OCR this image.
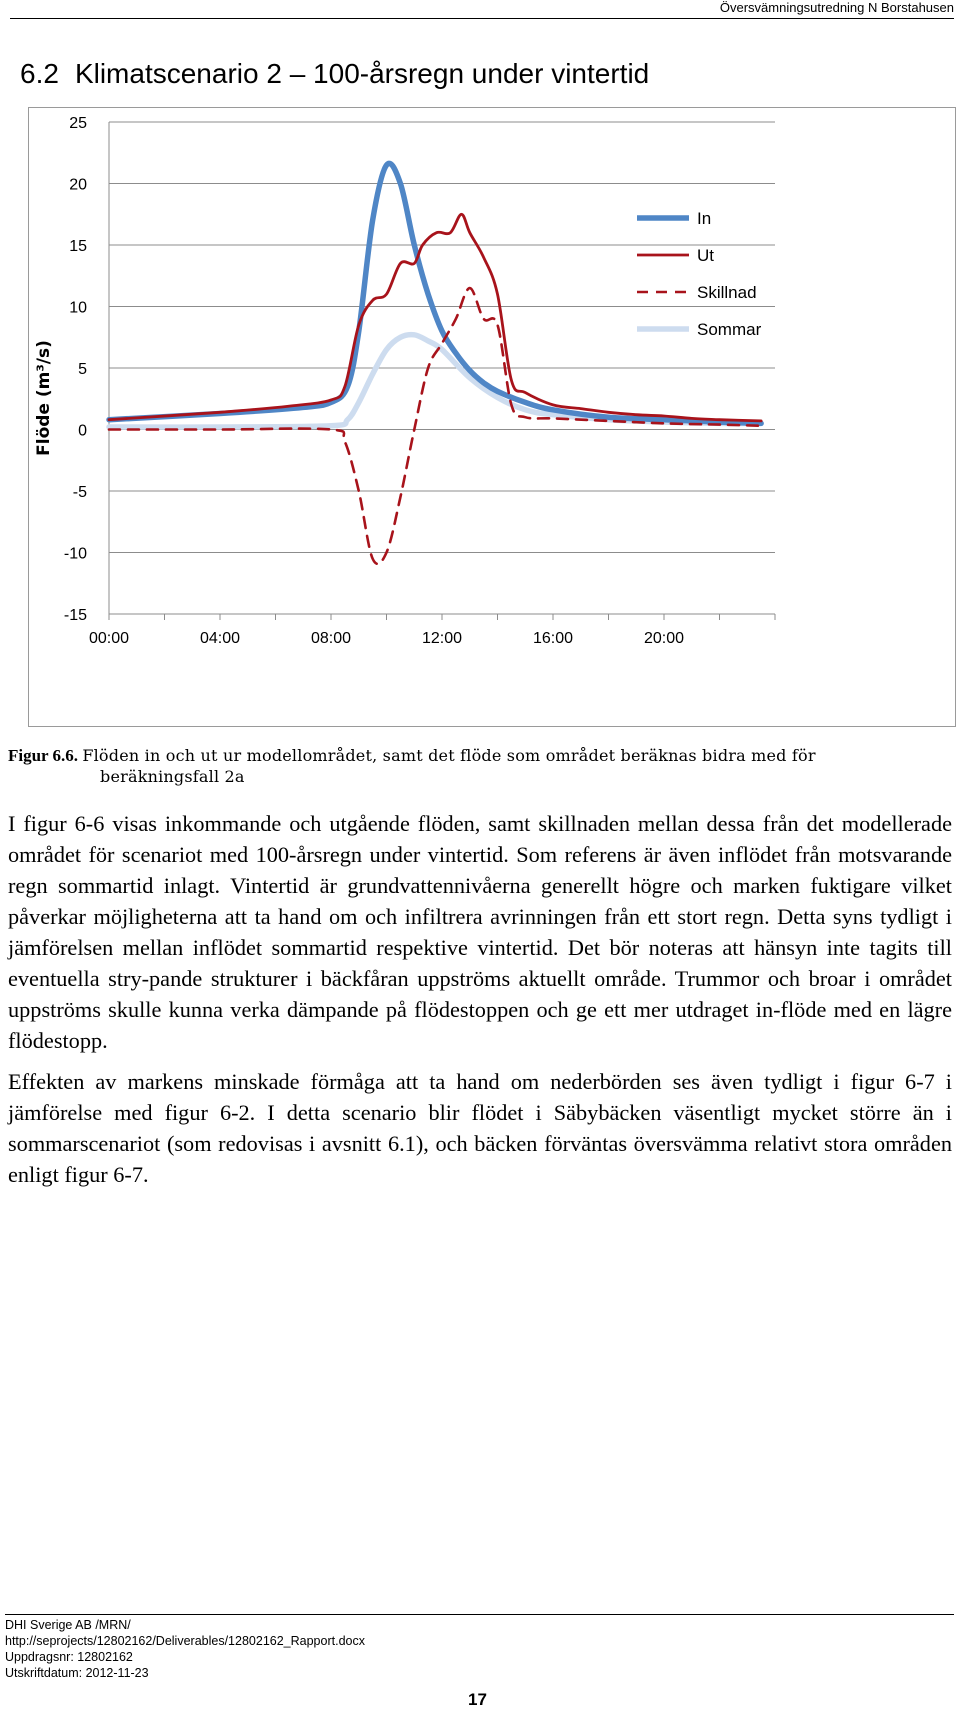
Översvämningsutredning N Borstahusen
6.2 Klimatscenario 2 – 100-årsregn under vintertid
25
20
15
10
5
0
-5
-10
-15
00:00	04:00	08:00	12:00	16:00	20:00
In
Ut
Skillnad
Sommar
Flöde (m³/s)
Figur 6.6. Flöden in och ut ur modellområdet, samt det flöde som området beräknas bidra med för
beräkningsfall 2a

I figur 6-6 visas inkommande och utgående flöden, samt skillnaden mellan dessa från det modellerade området för scenariot med 100-årsregn under vintertid. Som referens är även inflödet från motsvarande regn sommartid inlagt. Vintertid är grundvattennivåerna generellt högre och marken fuktigare vilket påverkar möjligheterna att ta hand om och infiltrera avrinningen från ett stort regn. Detta syns tydligt i jämförelsen mellan inflödet sommartid respektive vintertid. Det bör noteras att hänsyn inte tagits till eventuella stry-pande strukturer i bäckfåran uppströms aktuellt område. Trummor och broar i området uppströms skulle kunna verka dämpande på flödestoppen och ge ett mer utdraget in-flöde med en lägre flödestopp.

Effekten av markens minskade förmåga att ta hand om nederbörden ses även tydligt i figur 6-7 i jämförelse med figur 6-2. I detta scenario blir flödet i Säbybäcken väsentligt mycket större än i sommarscenariot (som redovisas i avsnitt 6.1), och bäcken förväntas översvämma relativt stora områden enligt figur 6-7.

DHI Sverige AB /MRN/
http://seprojects/12802162/Deliverables/12802162_Rapport.docx
Uppdragsnr: 12802162
Utskriftdatum: 2012-11-23
17
